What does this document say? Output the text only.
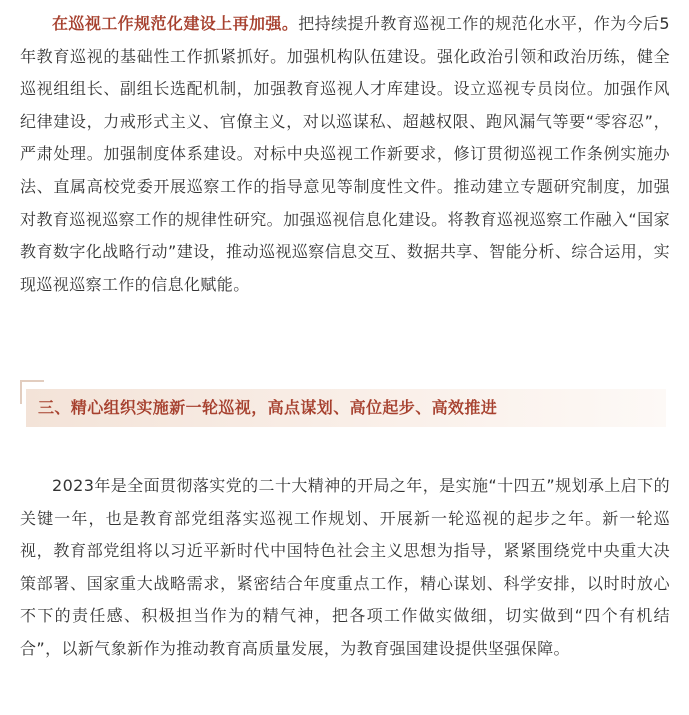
在巡视工作规范化建设上再加强。把持续提升教育巡视工作的规范化水平，作为今后5年教育巡视的基础性工作抓紧抓好。加强机构队伍建设。强化政治引领和政治历练，健全巡视组组长、副组长选配机制，加强教育巡视人才库建设。设立巡视专员岗位。加强作风纪律建设，力戒形式主义、官僚主义，对以巡谋私、超越权限、跑风漏气等要“零容忍”，严肃处理。加强制度体系建设。对标中央巡视工作新要求，修订贯彻巡视工作条例实施办法、直属高校党委开展巡察工作的指导意见等制度性文件。推动建立专题研究制度，加强对教育巡视巡察工作的规律性研究。加强巡视信息化建设。将教育巡视巡察工作融入“国家教育数字化战略行动”建设，推动巡视巡察信息交互、数据共享、智能分析、综合运用，实现巡视巡察工作的信息化赋能。

三、精心组织实施新一轮巡视，高点谋划、高位起步、高效推进

2023年是全面贯彻落实党的二十大精神的开局之年，是实施“十四五”规划承上启下的关键一年，也是教育部党组落实巡视工作规划、开展新一轮巡视的起步之年。新一轮巡视，教育部党组将以习近平新时代中国特色社会主义思想为指导，紧紧围绕党中央重大决策部署、国家重大战略需求，紧密结合年度重点工作，精心谋划、科学安排，以时时放心不下的责任感、积极担当作为的精气神，把各项工作做实做细，切实做到“四个有机结合”，以新气象新作为推动教育高质量发展，为教育强国建设提供坚强保障。
